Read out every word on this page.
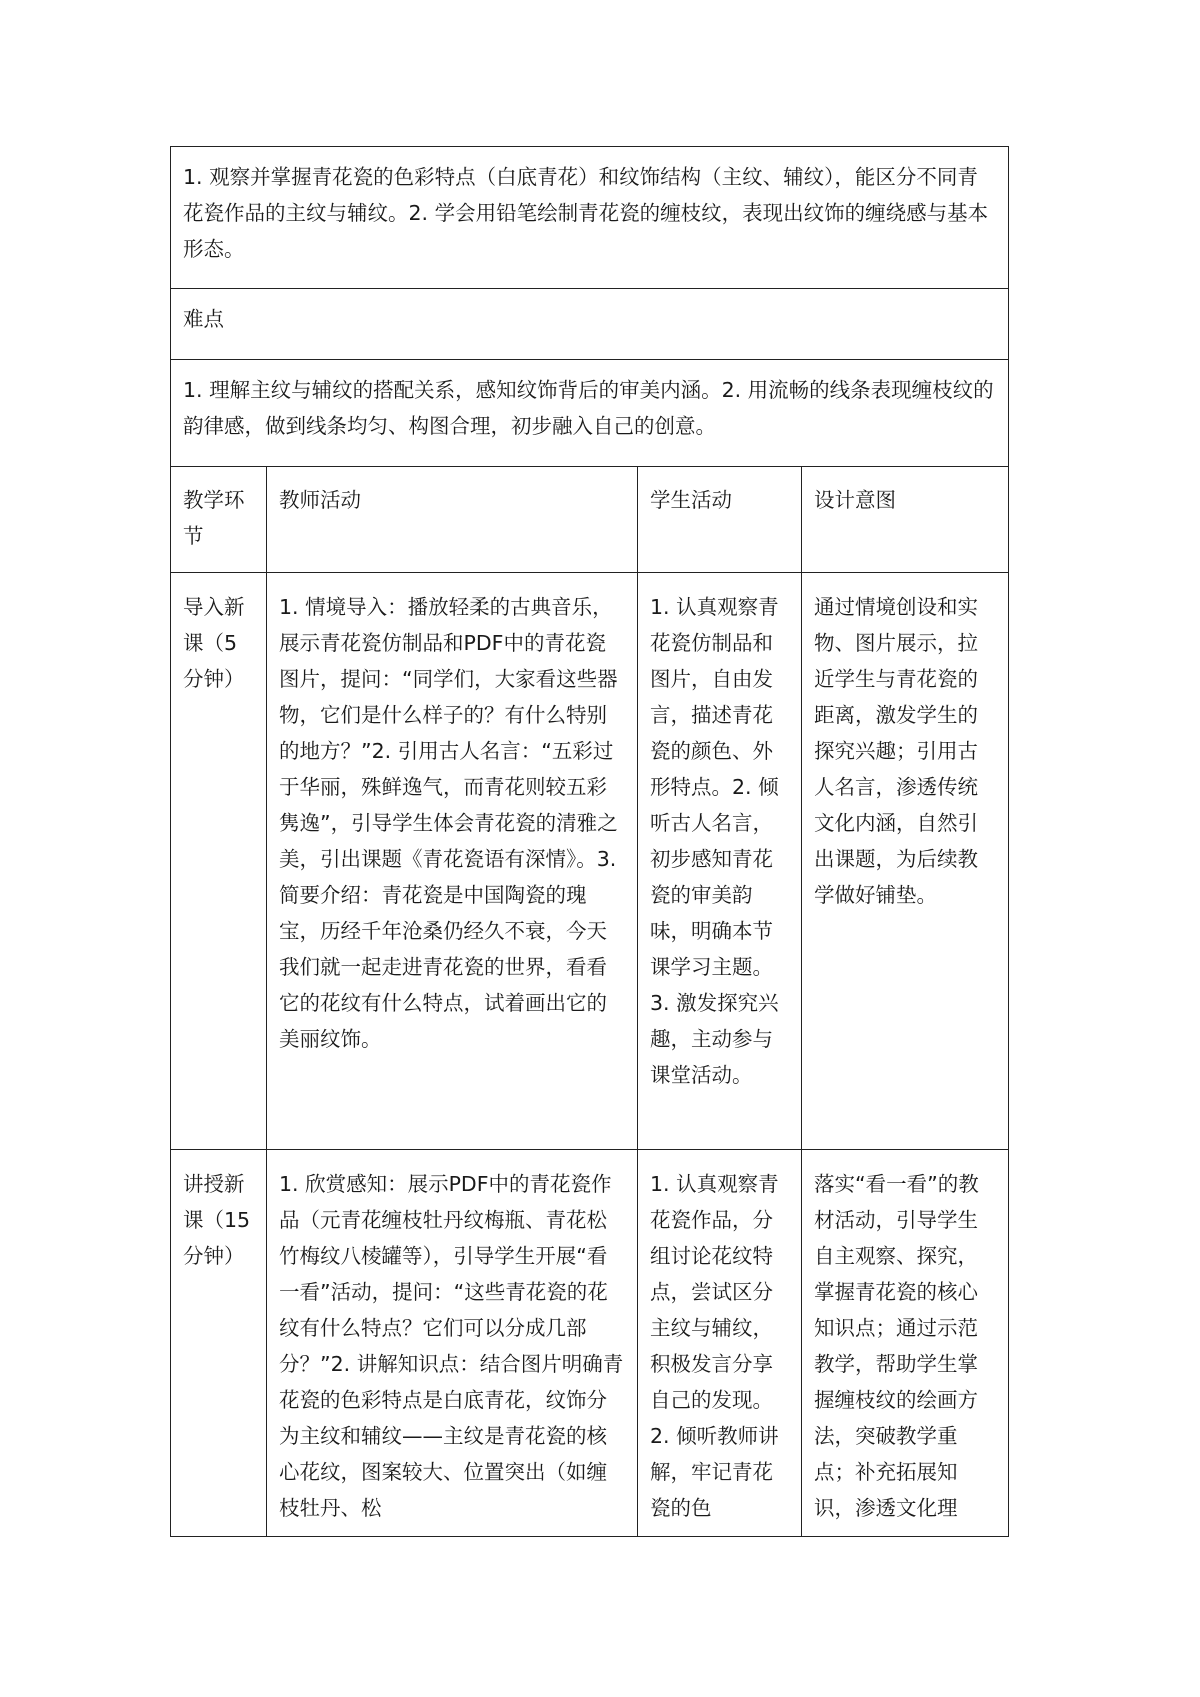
1. 观察并掌握青花瓷的色彩特点（白底青花）和纹饰结构（主纹、辅纹），能区分不同青花瓷作品的主纹与辅纹。2. 学会用铅笔绘制青花瓷的缠枝纹，表现出纹饰的缠绕感与基本形态。			
难点			
1. 理解主纹与辅纹的搭配关系，感知纹饰背后的审美内涵。2. 用流畅的线条表现缠枝纹的韵律感，做到线条均匀、构图合理，初步融入自己的创意。			
教学环节	教师活动	学生活动	设计意图
导入新课（5分钟）	1. 情境导入：播放轻柔的古典音乐，展示青花瓷仿制品和PDF中的青花瓷图片，提问：“同学们，大家看这些器物，它们是什么样子的？有什么特别的地方？”2. 引用古人名言：“五彩过于华丽，殊鲜逸气，而青花则较五彩隽逸”，引导学生体会青花瓷的清雅之美，引出课题《青花瓷语有深情》。3. 简要介绍：青花瓷是中国陶瓷的瑰宝，历经千年沧桑仍经久不衰，今天我们就一起走进青花瓷的世界，看看它的花纹有什么特点，试着画出它的美丽纹饰。	1. 认真观察青花瓷仿制品和图片，自由发言，描述青花瓷的颜色、外形特点。2. 倾听古人名言，初步感知青花瓷的审美韵味，明确本节课学习主题。3. 激发探究兴趣，主动参与课堂活动。	通过情境创设和实物、图片展示，拉近学生与青花瓷的距离，激发学生的探究兴趣；引用古人名言，渗透传统文化内涵，自然引出课题，为后续教学做好铺垫。
讲授新课（15分钟）	1. 欣赏感知：展示PDF中的青花瓷作品（元青花缠枝牡丹纹梅瓶、青花松竹梅纹八棱罐等），引导学生开展“看一看”活动，提问：“这些青花瓷的花纹有什么特点？它们可以分成几部分？”2. 讲解知识点：结合图片明确青花瓷的色彩特点是白底青花，纹饰分为主纹和辅纹——主纹是青花瓷的核心花纹，图案较大、位置突出（如缠枝牡丹、松	1. 认真观察青花瓷作品，分组讨论花纹特点，尝试区分主纹与辅纹，积极发言分享自己的发现。2. 倾听教师讲解，牢记青花瓷的色	落实“看一看”的教材活动，引导学生自主观察、探究，掌握青花瓷的核心知识点；通过示范教学，帮助学生掌握缠枝纹的绘画方法，突破教学重点；补充拓展知识，渗透文化理
